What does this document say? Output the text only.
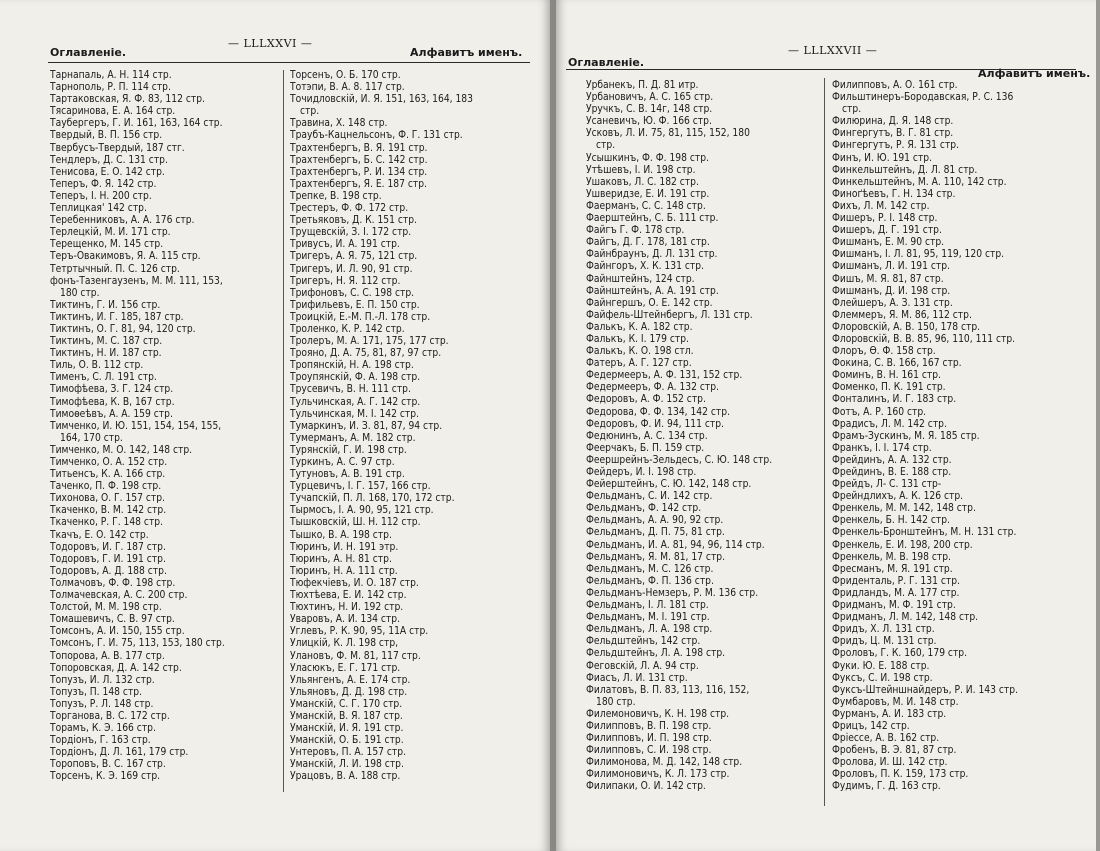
Оглавленіе.
— LLLXXVI —
Алфавитъ именъ.
Тарнапаль, А. Н. 114 стр.
Тарнополь, Р. П. 114 стр.
Тартаковская, Я. Ф. 83, 112 стр.
Тясаринова, Е. А. 164 стр.
Таубергеръ, Г. И. 161, 163, 164 стр.
Твердый, В. П. 156 стр.
Твербусъ-Твердый, 187 стг.
Тендлеръ, Д. С. 131 стр.
Тенисова, Е. О. 142 стр.
Теперъ, Ф. Я. 142 стр.
Теперъ, І. Н. 200 стр.
Теплицкая' 142 стр.
Теребенниковъ, А. А. 176 стр.
Терлецкій, М. И. 171 стр.
Терещенко, М. 145 стр.
Теръ-Овакимовъ, Я. А. 115 стр.
Тетртычный. П. С. 126 стр.
фонъ-Тазенгаузенъ, М. М. 111, 153,
180 стр.
Тиктинъ, Г. И. 156 стр.
Тиктинъ, И. Г. 185, 187 стр.
Тиктинъ, О. Г. 81, 94, 120 стр.
Тиктинъ, М. С. 187 стр.
Тиктинъ, Н. И. 187 стр.
Тиль, О. В. 112 стр.
Тименъ, С. Л. 191 стр.
Тимофѣева, З. Г. 124 стр.
Тимофѣева, К. В, 167 стр.
Тимоѳеѣвъ, А. А. 159 стр.
Тимченко, И. Ю. 151, 154, 154, 155,
164, 170 стр.
Тимченко, М. О. 142, 148 стр.
Тимченко, О. А. 152 стр.
Титьенсъ, К. А. 166 стр.
Таченко, П. Ф. 198 стр.
Тихонова, О. Г. 157 стр.
Ткаченко, В. М. 142 стр.
Ткаченко, Р. Г. 148 стр.
Ткачъ, Е. О. 142 стр.
Тодоровъ, И. Г. 187 стр.
Тодоровъ, Г. И. 191 стр.
Тодоровъ, А. Д. 188 стр.
Толмачовъ, Ф. Ф. 198 стр.
Толмачевская, А. С. 200 стр.
Толстой, М. М. 198 стр.
Томашевичъ, С. В. 97 стр.
Томсонъ, А. И. 150, 155 стр.
Томсонъ, Г. И. 75, 113, 153, 180 стр.
Топорова, А. В. 177 стр.
Топоровская, Д. А. 142 стр.
Топузъ, И. Л. 132 стр.
Топузъ, П. 148 стр.
Топузъ, Р. Л. 148 стр.
Торганова, В. С. 172 стр.
Торамъ, К. Э. 166 стр.
Тордіонъ, Г. 163 стр.
Тордіонъ, Д. Л. 161, 179 стр.
Тороповъ, В. С. 167 стр.
Торсенъ, К. Э. 169 стр.
Торсенъ, О. Б. 170 стр.
Тотэпи, В. А. 8. 117 стр.
Точидловскій, И. Я. 151, 163, 164, 183
стр.
Травина, Х. 148 стр.
Траубъ-Кацнельсонъ, Ф. Г. 131 стр.
Трахтенбергъ, В. Я. 191 стр.
Трахтенбергъ, Б. С. 142 стр.
Трахтенбергъ, Р. И. 134 стр.
Трахтенбергъ, Я. Е. 187 стр.
Трепке, В. 198 стр.
Трестеръ, Ф. Ф. 172 стр.
Третьяковъ, Д. К. 151 стр.
Трущевскій, З. І. 172 стр.
Тривусъ, И. А. 191 стр.
Тригеръ, А. Я. 75, 121 стр.
Тригеръ, И. Л. 90, 91 стр.
Тригеръ, Н. Я. 112 стр.
Трифоновъ, С. С. 198 стр.
Трифильевъ, Е. П. 150 стр.
Троицкій, Е.-М. П.-Л. 178 стр.
Троленко, К. Р. 142 стр.
Тролеръ, М. А. 171, 175, 177 стр.
Трояно, Д. А. 75, 81, 87, 97 стр.
Тропянскій, Н. А. 198 стр.
Троупянскій, Ф. А. 198 стр.
Трусевичъ, В. Н. 111 стр.
Тульчинская, А. Г. 142 стр.
Тульчинская, М. І. 142 стр.
Тумаркинъ, И. З. 81, 87, 94 стр.
Тумерманъ, А. М. 182 стр.
Турянскій, Г. И. 198 стр.
Туркинъ, А. С. 97 стр.
Тутуновъ, А. В. 191 стр.
Турцевичъ, І. Г. 157, 166 стр.
Тучапскій, П. Л. 168, 170, 172 стр.
Тырмосъ, І. А. 90, 95, 121 стр.
Тышковскій, Ш. Н. 112 стр.
Тышко, В. А. 198 стр.
Тюринъ, И. Н. 191 этр.
Тюринъ, А. Н. 81 стр.
Тюринъ, Н. А. 111 стр.
Тюфекчіевъ, И. О. 187 стр.
Тюхтѣева, Е. И. 142 стр.
Тюхтинъ, Н. И. 192 стр.
Уваровъ, А. И. 134 стр.
Углевъ, Р. К. 90, 95, 11А стр.
Улицкій, К. Л. 198 стр,
Улановъ, Ф. М. 81, 117 стр.
Уласюкъ, Е. Г. 171 стр.
Ульянгенъ, А. Е. 174 стр.
Ульяновъ, Д. Д. 198 стр.
Уманскій, С. Г. 170 стр.
Уманскій, В. Я. 187 стр.
Уманскій, И. Я. 191 стр.
Уманскій, О. Б. 191 стр.
Унтеровъ, П. А. 157 стр.
Уманскій, Л. И. 198 стр.
Урацовъ, В. А. 188 стр.
Оглавленіе.
— LLLXXVII —
Алфавитъ именъ.
Урбанекъ, П. Д. 81 итр.
Урбановичъ, А. С. 165 стр.
Уручкъ, С. В. 14г, 148 стр.
Усаневичъ, Ю. Ф. 166 стр.
Усковъ, Л. И. 75, 81, 115, 152, 180
стр.
Усышкинъ, Ф. Ф. 198 стр.
Утѣшевъ, І. И. 198 стр.
Ушаковъ, Л. С. 182 стр.
Ушверидзе, Е. И. 191 стр.
Фаерманъ, С. С. 148 стр.
Фаерштейнъ, С. Б. 111 стр.
Файгъ Г. Ф. 178 стр.
Файгъ, Д. Г. 178, 181 стр.
Файнбраунъ, Д. Л. 131 стр.
Файнгоръ, Х. К. 131 стр.
Файнштейнъ, 124 стр.
Файнштейнъ, А. А. 191 стр.
Файнгершъ, О. Е. 142 стр.
Файфель-Штейнбергъ, Л. 131 стр.
Фалькъ, К. А. 182 стр.
Фалькъ, К. І. 179 стр.
Фалькъ, К. О. 198 стл.
Фатеръ, А. Г. 127 стр.
Федермееръ, А. Ф. 131, 152 стр.
Федермееръ, Ф. А. 132 стр.
Федоровъ, А. Ф. 152 стр.
Федорова, Ф. Ф. 134, 142 стр.
Федоровъ, Ф. И. 94, 111 стр.
Федюнинъ, А. С. 134 стр.
Феерчакъ, Б. П. 159 стр.
Феершрейнъ-Зельдесъ, С. Ю. 148 стр.
Фейдеръ, И. І. 198 стр.
Фейерштейнъ, С. Ю. 142, 148 стр.
Фельдманъ, С. И. 142 стр.
Фельдманъ, Ф. 142 стр.
Фельдманъ, А. А. 90, 92 стр.
Фельдманъ, Д. П. 75, 81 стр.
Фельдманъ, И. А. 81, 94, 96, 114 стр.
Фельдманъ, Я. М. 81, 17 стр.
Фельдманъ, М. С. 126 стр.
Фельдманъ, Ф. П. 136 стр.
Фельдманъ-Немзеръ, Р. М. 136 стр.
Фельдманъ, І. Л. 181 стр.
Фельдманъ, М. І. 191 стр.
Фельдманъ, Л. А. 198 стр.
Фельдштейнъ, 142 стр.
Фельдштейнъ, Л. А. 198 стр.
Феговскій, Л. А. 94 стр.
Фиасъ, Л. И. 131 стр.
Филатовъ, В. П. 83, 113, 116, 152,
180 стр.
Филемоновичъ, К. Н. 198 стр.
Филипповъ, В. П. 198 стр.
Филипповъ, И. П. 198 стр.
Филипповъ, С. И. 198 стр.
Филимонова, М. Д. 142, 148 стр.
Филимоновичъ, К. Л. 173 стр.
Филипаки, О. И. 142 стр.
Филипповъ, А. О. 161 стр.
Фильштинеръ-Бородавская, Р. С. 136
стр.
Филюрина, Д. Я. 148 стр.
Фингергутъ, В. Г. 81 стр.
Фингергутъ, Р. Я. 131 стр.
Финъ, И. Ю. 191 стр.
Финкельштейнъ, Д. Л. 81 стр.
Финкельштейнъ, М. А. 110, 142 стр.
Финоґѣевъ, Г. Н. 134 стр.
Фихъ, Л. М. 142 стр.
Фишеръ, Р. І. 148 стр.
Фишеръ, Д. Г. 191 стр.
Фишманъ, Е. М. 90 стр.
Фишманъ, І. Л. 81, 95, 119, 120 стр.
Фишманъ, Л. И. 191 стр.
Фишъ, М. Я. 81, 87 стр.
Фишманъ, Д. И. 198 стр.
Флейшеръ, А. З. 131 стр.
Флеммеръ, Я. М. 86, 112 стр.
Флоровскій, А. В. 150, 178 стр.
Флоровскій, В. В. 85, 96, 110, 111 стр.
Флоръ, Ѳ. Ф. 158 стр.
Фокина, С. В. 166, 167 стр.
Фоминъ, В. Н. 161 стр.
Фоменко, П. К. 191 стр.
Фонталинъ, И. Г. 183 стр.
Фотъ, А. Р. 160 стр.
Фрадисъ, Л. М. 142 стр.
Фрамъ-Зускинъ, М. Я. 185 стр.
Франкъ, І. І. 174 стр.
Фрейдинъ, А. А. 132 стр.
Фрейдинъ, В. Е. 188 стр.
Фрейдъ, Л- С. 131 стр-
Фрейндлихъ, А. К. 126 стр.
Френкель, М. М. 142, 148 стр.
Френкель, Б. Н. 142 стр.
Френкель-Бронштейнъ, М. Н. 131 стр.
Френкель, Е. И. 198, 200 стр.
Френкель, М. В. 198 стр.
Фресманъ, М. Я. 191 стр.
Фриденталь, Р. Г. 131 стр.
Фридландъ, М. А. 177 стр.
Фридманъ, М. Ф. 191 стр.
Фридманъ, Л. М. 142, 148 стр.
Фридъ, Х. Л. 131 стр.
Фридъ, Ц. М. 131 стр.
Фроловъ, Г. К. 160, 179 стр.
Фуки. Ю. Е. 188 стр.
Фуксъ, С. И. 198 стр.
Фуксъ-Штейншнайдеръ, Р. И. 143 стр.
Фумбаровъ, М. И. 148 стр.
Фурманъ, А. И. 183 стр.
Фрицъ, 142 стр.
Фріессе, А. В. 162 стр.
Фробенъ, В. Э. 81, 87 стр.
Фролова, И. Ш. 142 стр.
Фроловъ, П. К. 159, 173 стр.
Фудимъ, Г. Д. 163 стр.
